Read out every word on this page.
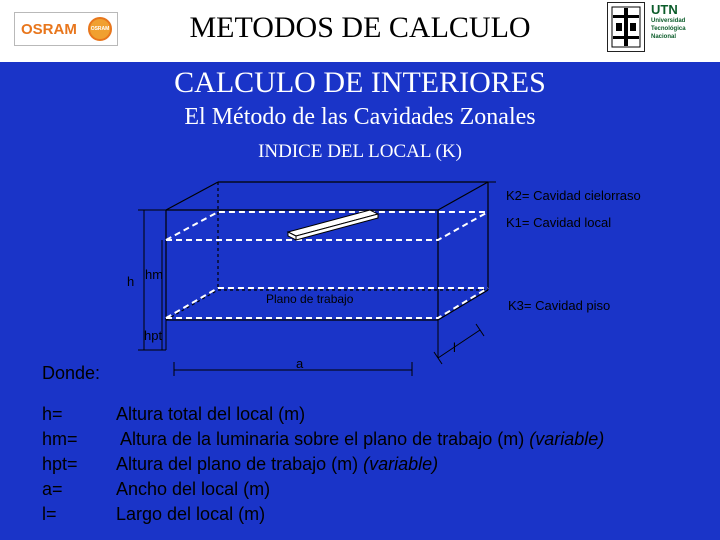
OSRAM	OSRAM	METODOS DE CALCULO
UTN
Universidad
Tecnológica
Nacional
CALCULO DE INTERIORES
El Método de las Cavidades Zonales
INDICE DEL LOCAL (K)
K2= Cavidad cielorraso
K1= Cavidad local
Plano de trabajo	K3= Cavidad piso
h hm
hpt
a
l
Donde:
h=	Altura total del local (m)
hm= Altura de la luminaria sobre el plano de trabajo (m) (variable)
hpt= Altura del plano de trabajo (m) (variable)
a=	Ancho del local (m)
l=	Largo del local (m)
